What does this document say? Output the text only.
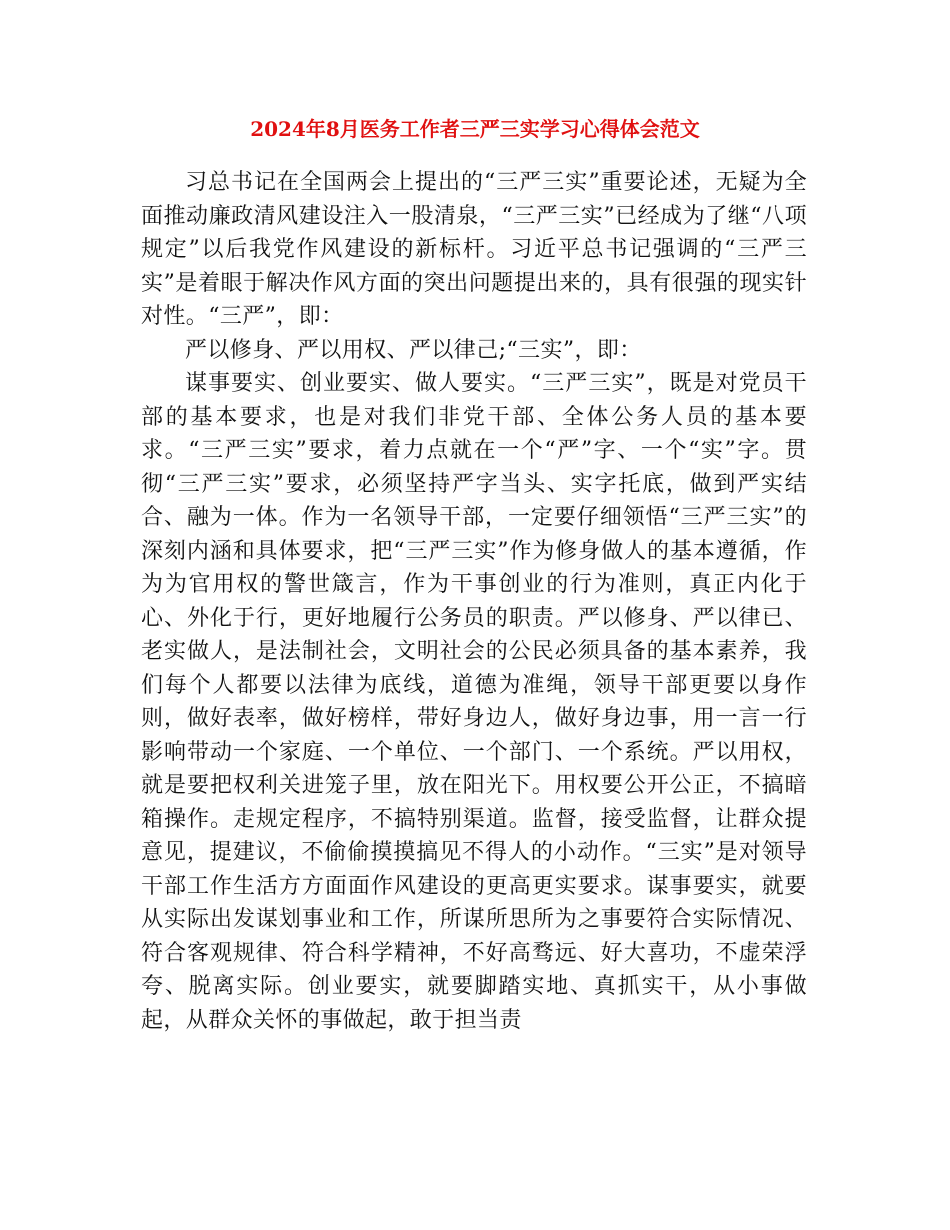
2024年8月医务工作者三严三实学习心得体会范文

习总书记在全国两会上提出的“三严三实”重要论述，无疑为全面推动廉政清风建设注入一股清泉，“三严三实”已经成为了继“八项规定”以后我党作风建设的新标杆。习近平总书记强调的“三严三实”是着眼于解决作风方面的突出问题提出来的，具有很强的现实针对性。“三严”，即：

严以修身、严以用权、严以律己;“三实”，即：

谋事要实、创业要实、做人要实。“三严三实”，既是对党员干部的基本要求，也是对我们非党干部、全体公务人员的基本要求。“三严三实”要求，着力点就在一个“严”字、一个“实”字。贯彻“三严三实”要求，必须坚持严字当头、实字托底，做到严实结合、融为一体。作为一名领导干部，一定要仔细领悟“三严三实”的深刻内涵和具体要求，把“三严三实”作为修身做人的基本遵循，作为为官用权的警世箴言，作为干事创业的行为准则，真正内化于心、外化于行，更好地履行公务员的职责。严以修身、严以律已、老实做人，是法制社会，文明社会的公民必须具备的基本素养，我们每个人都要以法律为底线，道德为准绳，领导干部更要以身作则，做好表率，做好榜样，带好身边人，做好身边事，用一言一行影响带动一个家庭、一个单位、一个部门、一个系统。严以用权，就是要把权利关进笼子里，放在阳光下。用权要公开公正，不搞暗箱操作。走规定程序，不搞特别渠道。监督，接受监督，让群众提意见，提建议，不偷偷摸摸搞见不得人的小动作。“三实”是对领导干部工作生活方方面面作风建设的更高更实要求。谋事要实，就要从实际出发谋划事业和工作，所谋所思所为之事要符合实际情况、符合客观规律、符合科学精神，不好高骛远、好大喜功，不虚荣浮夸、脱离实际。创业要实，就要脚踏实地、真抓实干，从小事做起，从群众关怀的事做起，敢于担当责
